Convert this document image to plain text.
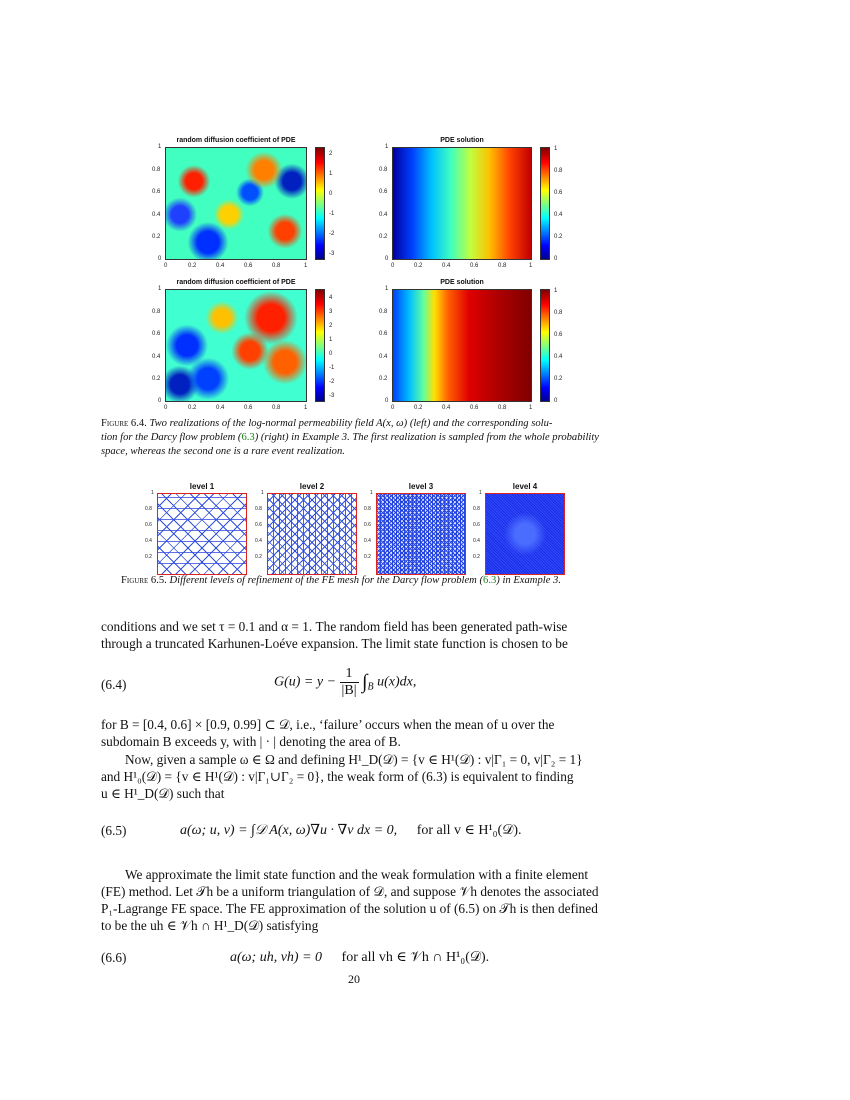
random diffusion coefficient of PDE
2
1
0
-1
-2
-3
1
0.8
0.6
0.4
0.2
0
0	0.2	0.4	0.6	0.8	1
PDE solution
1
0.8
0.6
0.4
0.2
0
1
0.8
0.6
0.4
0.2
0
0	0.2	0.4	0.6	0.8	1
random diffusion coefficient of PDE
4
3
2
1
0
-1
-2
-3
1
0.8
0.6
0.4
0.2
0
0	0.2	0.4	0.6	0.8	1
PDE solution
1
0.8
0.6
0.4
0.2
0
1
0.8
0.6
0.4
0.2
0
0	0.2	0.4	0.6	0.8	1
Figure 6.4. Two realizations of the log-normal permeability field A(x, ω) (left) and the corresponding solu-
tion for the Darcy flow problem (6.3) (right) in Example 3. The first realization is sampled from the whole probability
space, whereas the second one is a rare event realization.
level 1	level 2	level 3	level 4
1
0.8
0.6
0.4
0.2
1
0.8
0.6
0.4
0.2
1
0.8
0.6
0.4
0.2
1
0.8
0.6
0.4
0.2
Figure 6.5. Different levels of refinement of the FE mesh for the Darcy flow problem (6.3) in Example 3.
conditions and we set τ = 0.1 and α = 1. The random field has been generated path-wise
through a truncated Karhunen-Loéve expansion. The limit state function is chosen to be
(6.4)	$G(u) = y - \frac{1}{|B|} \int_B$ u(x)dx,
for B = [0.4, 0.6] × [0.9, 0.99] ⊂ 𝒟, i.e., ‘failure’ occurs when the mean of u over the
subdomain B exceeds y, with | · | denoting the area of B.
Now, given a sample ω ∈ Ω and defining H¹_D(𝒟) = {v ∈ H¹(𝒟) : v|Γ₁ = 0, v|Γ₂ = 1}
and H¹₀(𝒟) = {v ∈ H¹(𝒟) : v|Γ₁∪Γ₂ = 0}, the weak form of (6.3) is equivalent to finding
u ∈ H¹_D(𝒟) such that
(6.5)	a(ω; u, v) = ∫𝒟 A(x, ω)∇u · ∇v dx = 0, for all v ∈ H¹₀(𝒟).
We approximate the limit state function and the weak formulation with a finite element
(FE) method. Let 𝒯h be a uniform triangulation of 𝒟, and suppose 𝒱h denotes the associated
P₁-Lagrange FE space. The FE approximation of the solution u of (6.5) on 𝒯h is then defined
to be the uh ∈ 𝒱h ∩ H¹_D(𝒟) satisfying
(6.6)	a(ω; uh, vh) = 0 for all vh ∈ 𝒱h ∩ H¹₀(𝒟).
20
